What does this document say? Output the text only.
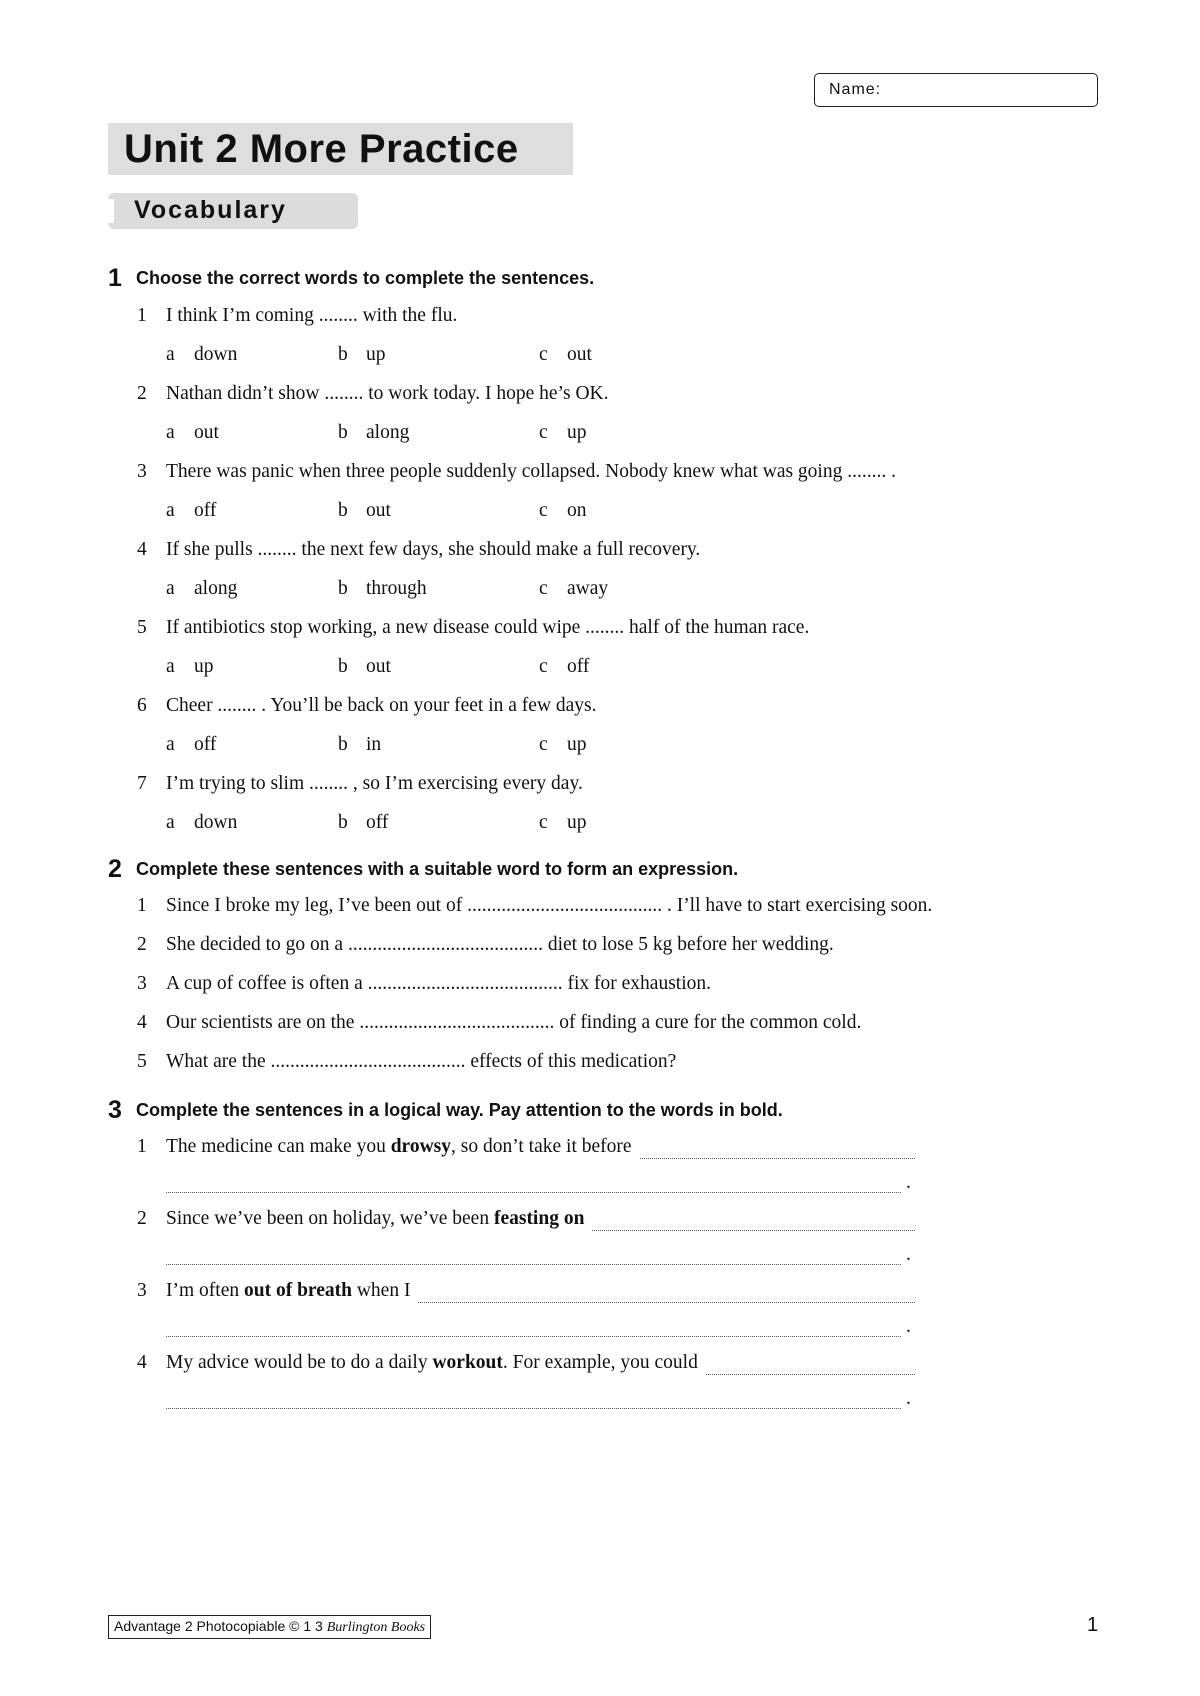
Name:
Unit 2 More Practice
Vocabulary
1 Choose the correct words to complete the sentences.
1 I think I’m coming ........ with the flu.
a down	b up	c out
2 Nathan didn’t show ........ to work today. I hope he’s OK.
a out	b along	c up
3 There was panic when three people suddenly collapsed. Nobody knew what was going ........ .
a off	b out	c on
4 If she pulls ........ the next few days, she should make a full recovery.
a along	b through	c away
5 If antibiotics stop working, a new disease could wipe ........ half of the human race.
a up	b out	c off
6 Cheer ........ . You’ll be back on your feet in a few days.
a off	b in	c up
7 I’m trying to slim ........ , so I’m exercising every day.
a down	b off	c up
2 Complete these sentences with a suitable word to form an expression.
1 Since I broke my leg, I’ve been out of ........................................ . I’ll have to start exercising soon.
2 She decided to go on a ........................................ diet to lose 5 kg before her wedding.
3 A cup of coffee is often a ........................................ fix for exhaustion.
4 Our scientists are on the ........................................ of finding a cure for the common cold.
5 What are the ........................................ effects of this medication?
3 Complete the sentences in a logical way. Pay attention to the words in bold.
1 The medicine can make you drowsy, so don’t take it before
.
2 Since we’ve been on holiday, we’ve been feasting on
.
3 I’m often out of breath when I
.
4 My advice would be to do a daily workout. For example, you could
.
Advantage 2 Photocopiable © 1 3 Burlington Books	1
